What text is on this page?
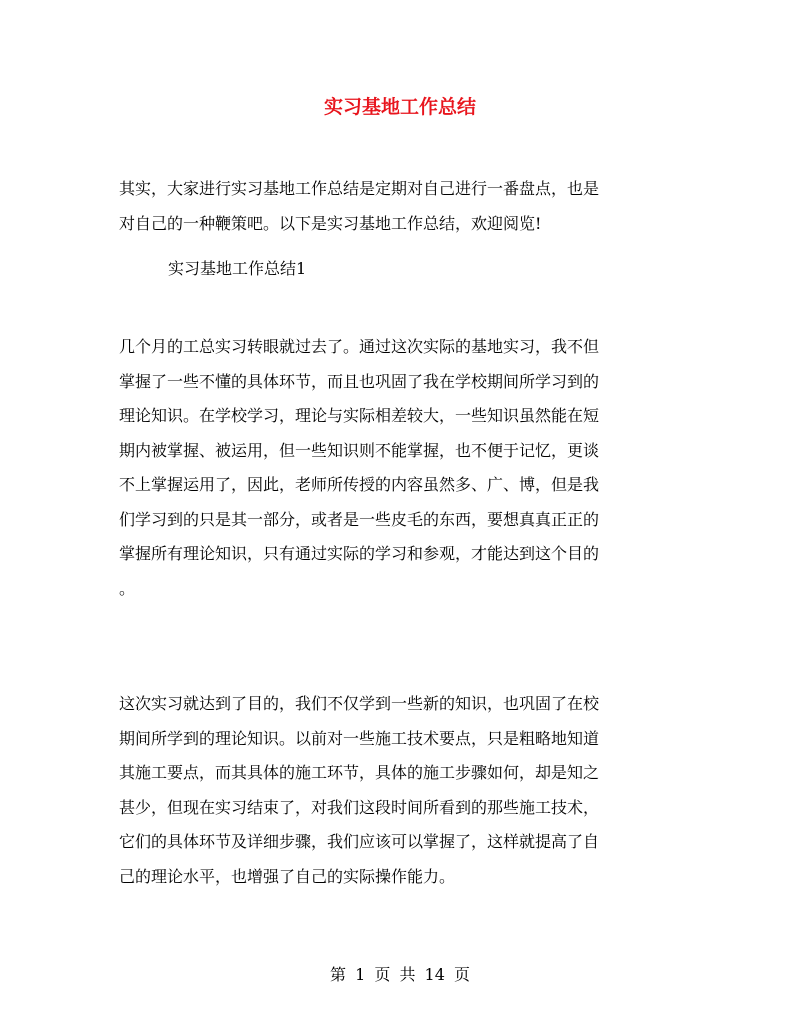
实习基地工作总结
其实，大家进行实习基地工作总结是定期对自己进行一番盘点，也是
对自己的一种鞭策吧。以下是实习基地工作总结，欢迎阅览!
实习基地工作总结1
几个月的工总实习转眼就过去了。通过这次实际的基地实习，我不但
掌握了一些不懂的具体环节，而且也巩固了我在学校期间所学习到的
理论知识。在学校学习，理论与实际相差较大，一些知识虽然能在短
期内被掌握、被运用，但一些知识则不能掌握，也不便于记忆，更谈
不上掌握运用了，因此，老师所传授的内容虽然多、广、博，但是我
们学习到的只是其一部分，或者是一些皮毛的东西，要想真真正正的
掌握所有理论知识，只有通过实际的学习和参观，才能达到这个目的
。
这次实习就达到了目的，我们不仅学到一些新的知识，也巩固了在校
期间所学到的理论知识。以前对一些施工技术要点，只是粗略地知道
其施工要点，而其具体的施工环节，具体的施工步骤如何，却是知之
甚少，但现在实习结束了，对我们这段时间所看到的那些施工技术，
它们的具体环节及详细步骤，我们应该可以掌握了，这样就提高了自
己的理论水平，也增强了自己的实际操作能力。
第 1 页 共 14 页
